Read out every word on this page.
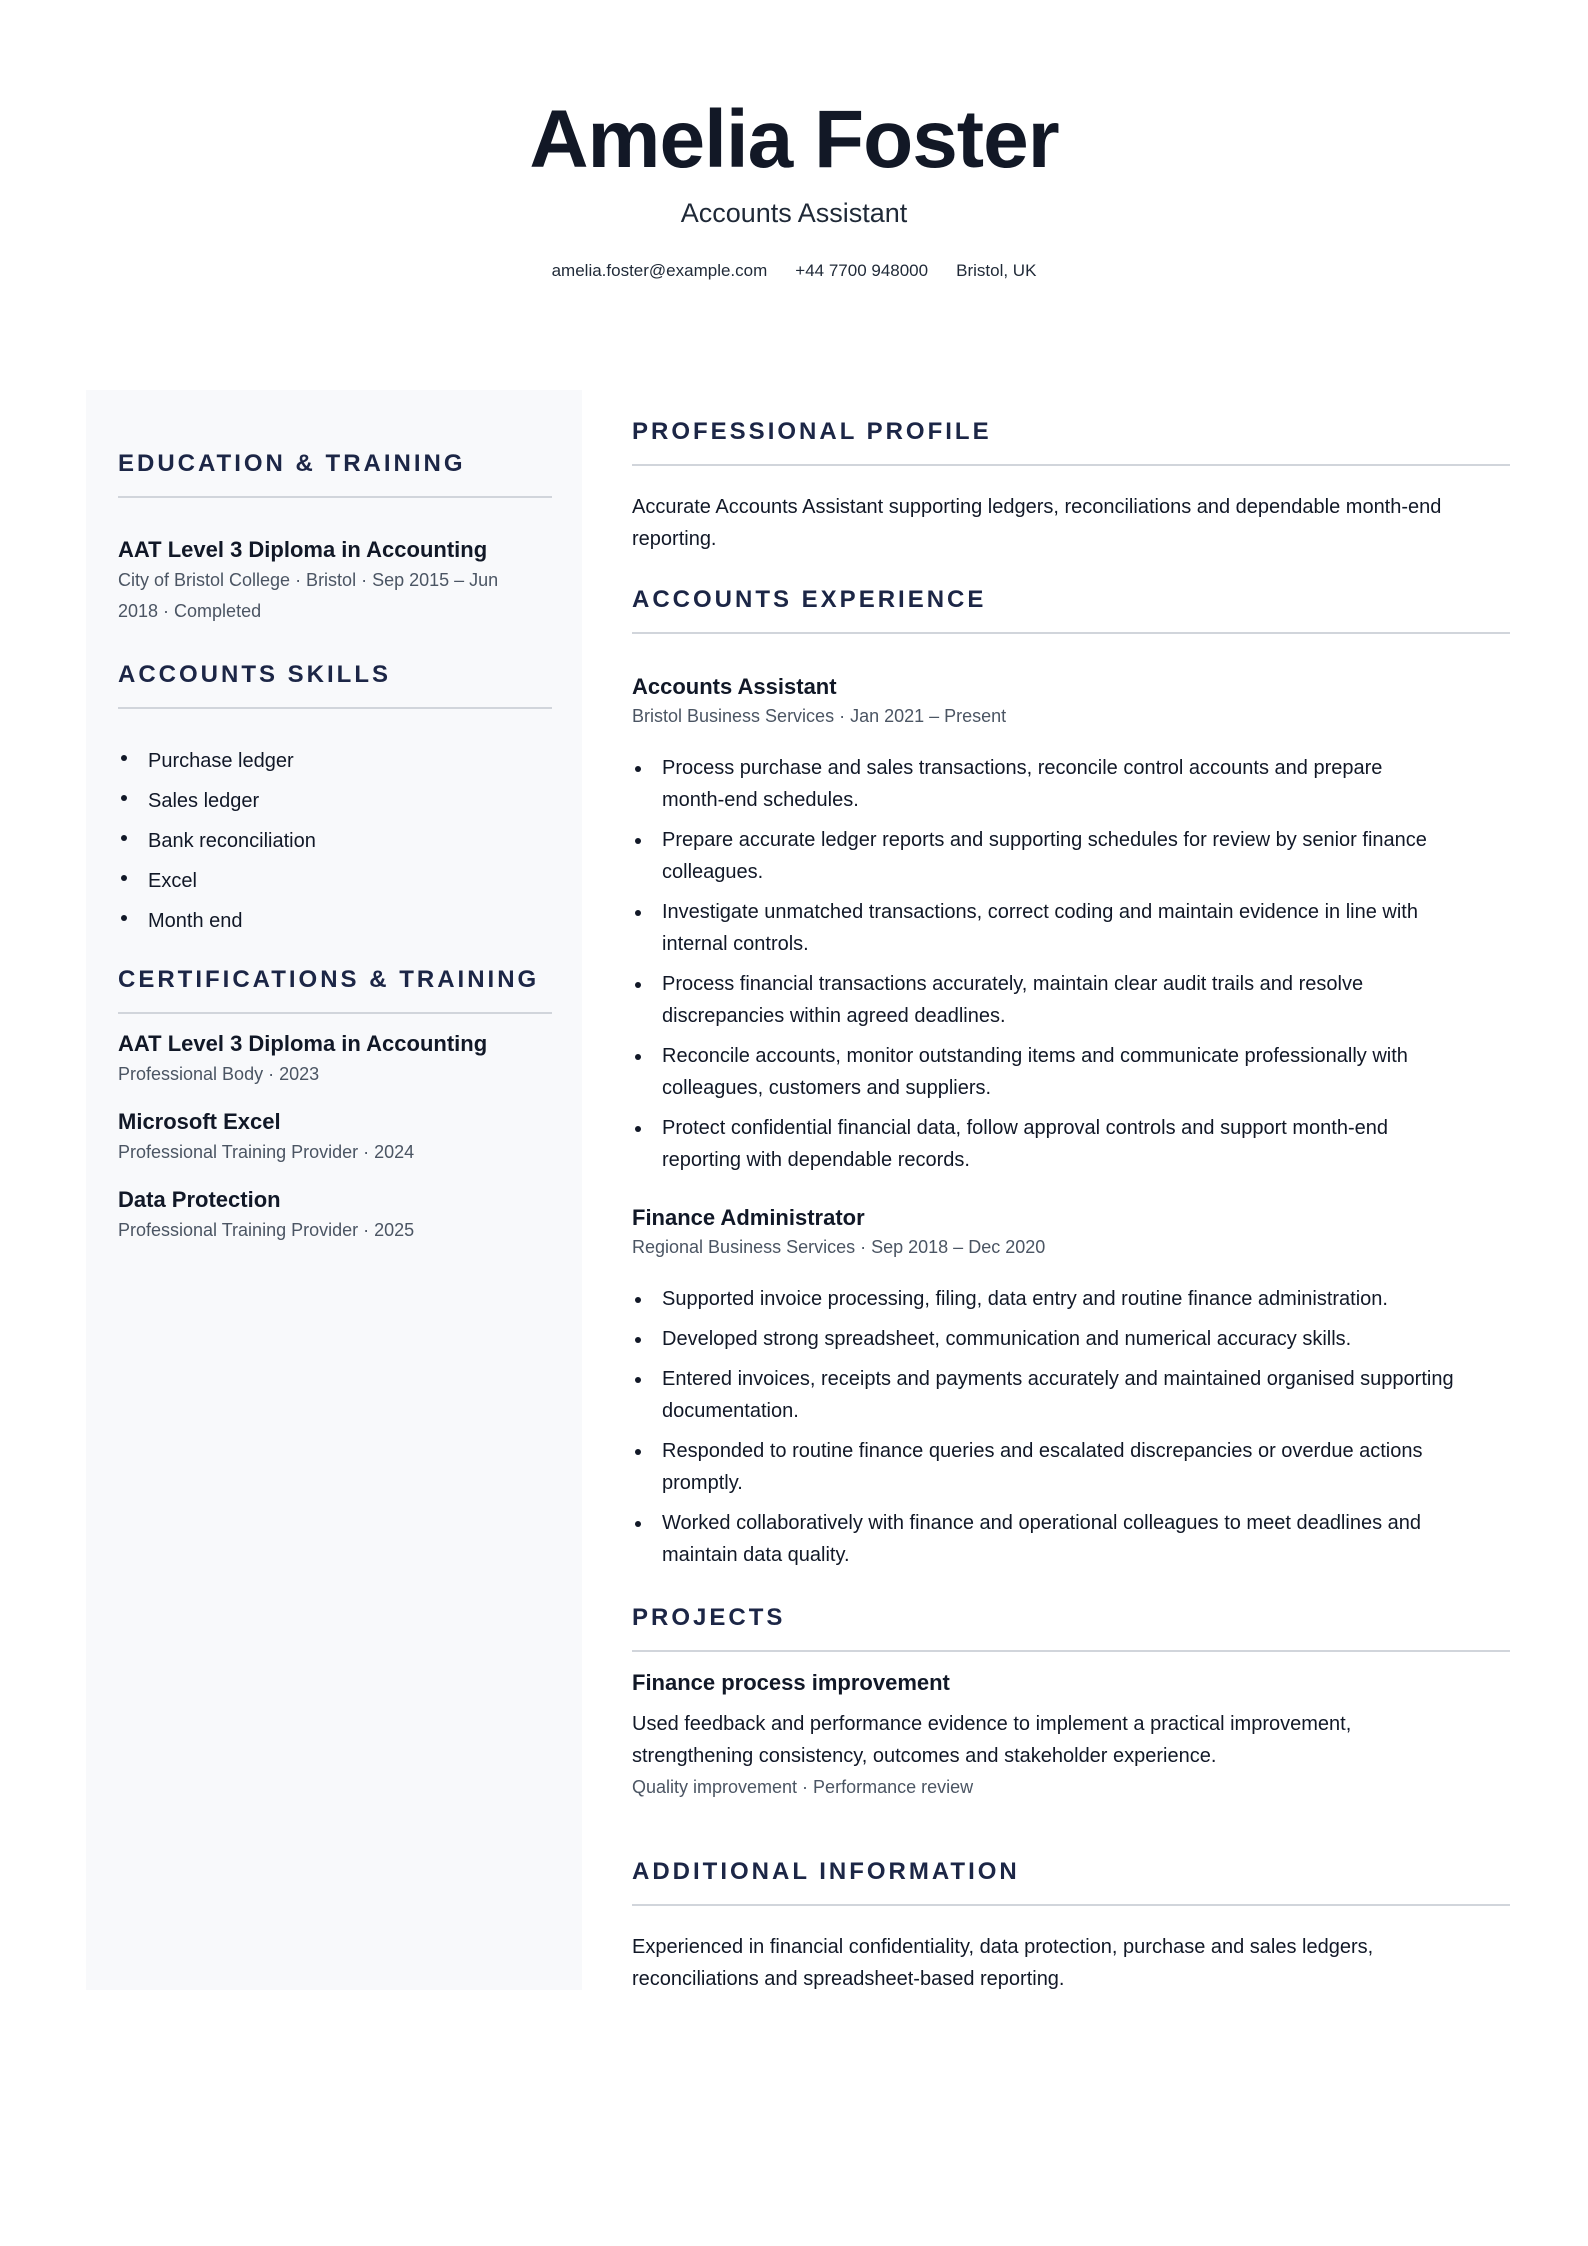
Amelia Foster
Accounts Assistant
amelia.foster@example.com +44 7700 948000 Bristol, UK
EDUCATION & TRAINING
AAT Level 3 Diploma in Accounting
City of Bristol College · Bristol · Sep 2015 – Jun
2018 · Completed
ACCOUNTS SKILLS
Purchase ledger
Sales ledger
Bank reconciliation
Excel
Month end
CERTIFICATIONS & TRAINING
AAT Level 3 Diploma in Accounting
Professional Body · 2023
Microsoft Excel
Professional Training Provider · 2024
Data Protection
Professional Training Provider · 2025
PROFESSIONAL PROFILE
Accurate Accounts Assistant supporting ledgers, reconciliations and dependable month-end
reporting.
ACCOUNTS EXPERIENCE
Accounts Assistant
Bristol Business Services · Jan 2021 – Present
Process purchase and sales transactions, reconcile control accounts and prepare
month-end schedules.
Prepare accurate ledger reports and supporting schedules for review by senior finance
colleagues.
Investigate unmatched transactions, correct coding and maintain evidence in line with
internal controls.
Process financial transactions accurately, maintain clear audit trails and resolve
discrepancies within agreed deadlines.
Reconcile accounts, monitor outstanding items and communicate professionally with
colleagues, customers and suppliers.
Protect confidential financial data, follow approval controls and support month-end
reporting with dependable records.
Finance Administrator
Regional Business Services · Sep 2018 – Dec 2020
Supported invoice processing, filing, data entry and routine finance administration.
Developed strong spreadsheet, communication and numerical accuracy skills.
Entered invoices, receipts and payments accurately and maintained organised supporting
documentation.
Responded to routine finance queries and escalated discrepancies or overdue actions
promptly.
Worked collaboratively with finance and operational colleagues to meet deadlines and
maintain data quality.
PROJECTS
Finance process improvement
Used feedback and performance evidence to implement a practical improvement,
strengthening consistency, outcomes and stakeholder experience.
Quality improvement · Performance review
ADDITIONAL INFORMATION
Experienced in financial confidentiality, data protection, purchase and sales ledgers,
reconciliations and spreadsheet-based reporting.
